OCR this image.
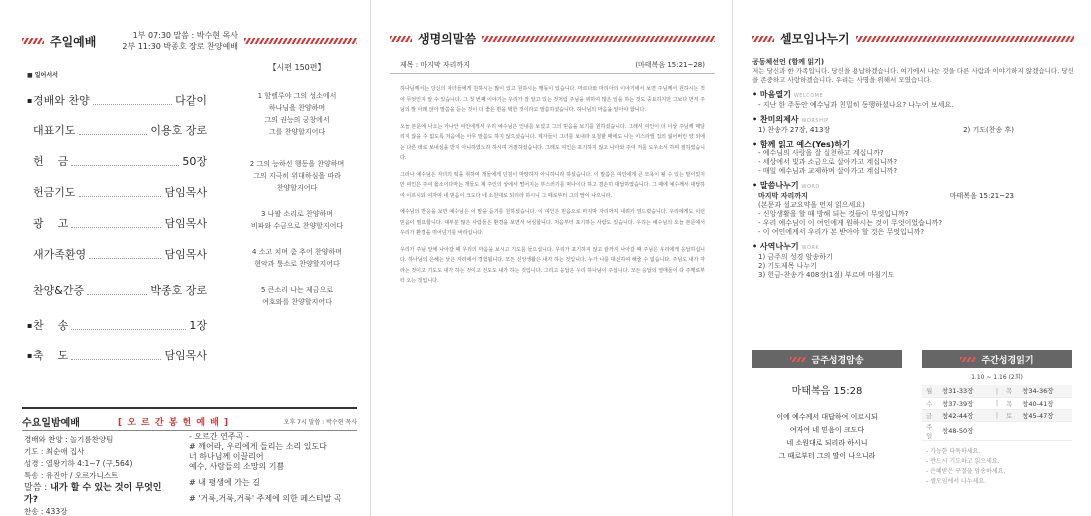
주일예배	1부 07:30 말씀 : 박수현 목사
2부 11:30 박종호 장로 찬양예배
■ 일어서서
▪ 경배와 찬양	다같이
대표기도	이용호 장로
헌    금	50장
헌금기도	담임목사
광    고	담임목사
새가족환영	담임목사
찬양&간증	박종호 장로
▪ 찬    송	1장
▪ 축    도	담임목사
【시편 150편】
1 할렐루야 그의 성소에서
하나님을 찬양하며
그의 권능의 궁창에서
그를 찬양할지어다
2 그의 능하신 행동을 찬양하며
그의 지극히 위대하심을 따라
찬양할지어다
3 나팔 소리로 찬양하며
비파와 수금으로 찬양할지어다
4 소고 치며 춤 추어 찬양하며
현악과 퉁소로 찬양할지어다
5 큰소리 나는 제금으로
여호와를 찬양할지어다
수요일밤예배	[ 오 르 간 봉 헌 예 배 ]	오후 7시 말씀 : 박수현 목사
경배와 찬양 : 놀기름찬양팀
기도 : 최순애 집사
성경 : 열왕기하 4:1~7 (구,564)
특송 : 유진아 / 오르가니스트
말씀 : 내가 할 수 있는 것이 무엇인가?
찬송 : 433장
- 오르간 연주곡 -
# 깨어라, 우리에게 들리는 소리 있도다
너 하나님께 이끌리어
예수, 사람들의 소망의 기쁨
# 내 평생에 가는 길
# '거룩,거룩,거룩' 주제에 의한 페스티발 곡
생명의말씀
제목 : 마지막 자리까지	(마태복음 15:21~28)

하나님께서는 당신의 자녀들에게 원하시는 많이 있고 원하시는 행동이 있습니다. 마르다와 마리아의 이야기에서 보면 주님께서 원하시는 것이 무엇인지 알 수 있습니다. 그 첫 번째 이야기는 우리가 잘 알고 있는 것처럼 주님을 위하여 많은 일을 하는 것도 중요하지만 그보다 먼저 주님의 발 아래 앉아 말씀을 듣는 것이 더 좋은 편을 택한 것이라고 말씀하셨습니다. 하나님의 마음을 알아야 합니다.

오늘 본문에 나오는 가나안 여인에게서 우리 예수님은 인내를 보셨고 그의 믿음을 보기를 원하셨습니다. 그래서 여인이 더 이상 주님께 매달리지 않을 수 없도록 처음에는 아무 말씀도 하지 않으셨습니다. 제자들이 그녀를 보내라 요청할 때에도 나는 이스라엘 집의 잃어버린 양 외에는 다른 데로 보내심을 받지 아니하였노라 하시며 거절하셨습니다. 그래도 여인은 포기하지 않고 나아와 주여 저를 도우소서 하며 절하였습니다.

그러나 예수님은 자녀의 떡을 취하여 개들에게 던짐이 마땅하지 아니하니라 하셨습니다. 이 말씀은 여인에게 큰 모욕이 될 수 있는 말이었지만 여인은 주여 옳소이다마는 개들도 제 주인의 상에서 떨어지는 부스러기를 먹나이다 하고 겸손히 대답하였습니다. 그 때에 예수께서 대답하여 이르시되 여자여 네 믿음이 크도다 네 소원대로 되리라 하시니 그 때로부터 그의 딸이 나으니라.

예수님의 반응을 보면 예수님은 이 말을 듣기를 원하셨습니다. 이 여인은 믿음으로 마지막 자리까지 내려가 엎드렸습니다. 우리에게도 이런 믿음이 필요합니다. 대부분 많은 사람들은 환경을 보면서 낙심합니다. 처음부터 포기하는 사람도 있습니다. 우리는 예수님의 오늘 본문에서 우리가 환경을 뛰어넘기를 바라십니다.

우리가 주님 앞에 나아갈 때 우리의 마음을 보시고 기도를 들으십니다. 우리가 포기하지 않고 끝까지 나아갈 때 주님은 우리에게 응답하십니다. 하나님의 은혜는 낮은 자리에서 경험됩니다. 모든 신앙생활은 내가 하는 것입니다. 누가 나를 대신하여 해줄 수 없습니다. 주님도 내가 자라는 것이고 기도도 내가 하는 것이고 전도도 내가 하는 것입니다. 그리고 응답은 우리 하나님이 주십니다. 모든 응답의 열매들이 다 주께로부터 오는 것입니다.

셀모임나누기
공동체선언 (함께 읽기)
저는 당신과 한 가족입니다. 당신을 용납하겠습니다. 여기에서 나눈 것을 다른 사람과 이야기하지 않겠습니다. 당신을 존중하고 사랑하겠습니다. 우리는 사명을 위해서 모였습니다.
• 마음열기 WELCOME
- 지난 한 주동안 예수님과 친밀히 동행하셨나요? 나누어 보세요.
• 찬미의제사 WORSHIP
1) 찬송가 27장, 413장	2) 기도(찬송 후)
• 함께 읽고 예스(Yes)하기
- 예수님의 사랑을 잘 실천하고 계십니까?
- 세상에서 빛과 소금으로 살아가고 계십니까?
- 매일 예수님과 교제하며 살아가고 계십니까?
• 말씀나누기 WORD
마지막 자리까지	마태복음 15:21~23
(본문과 설교요약을 먼저 읽으세요)
- 신앙생활을 할 때 방해 되는 것들이 무엇입니까?
- 우리 예수님이 이 여인에게 원하시는 것이 무엇이었습니까?
- 이 여인에게서 우리가 본 받아야 할 것은 무엇입니까?
• 사역나누기 WORK
1) 금주의 성경 암송하기
2) 기도제목 나누기
3) 헌금-찬송가 408장(1절) 부르며 마침기도
금주성경암송
마태복음 15:28
이에 예수께서 대답하여 이르시되
여자여 네 믿음이 크도다
네 소원대로 되리라 하시니
그 때로부터 그의 딸이 나으니라
주간성경읽기
1.10 ~ 1.16 (2회)
월	창31-33장	|	목	창34-36장
수	창37-39장	|	목	창40-41장
금	창42-44장	|	토	창45-47장
주일	창48-50장			
- 가능한 다독하세요.
- 반드시 기도하고 읽으세요.
- 은혜받은 구절을 암송하세요.
- 셀모임에서 나누세요.
